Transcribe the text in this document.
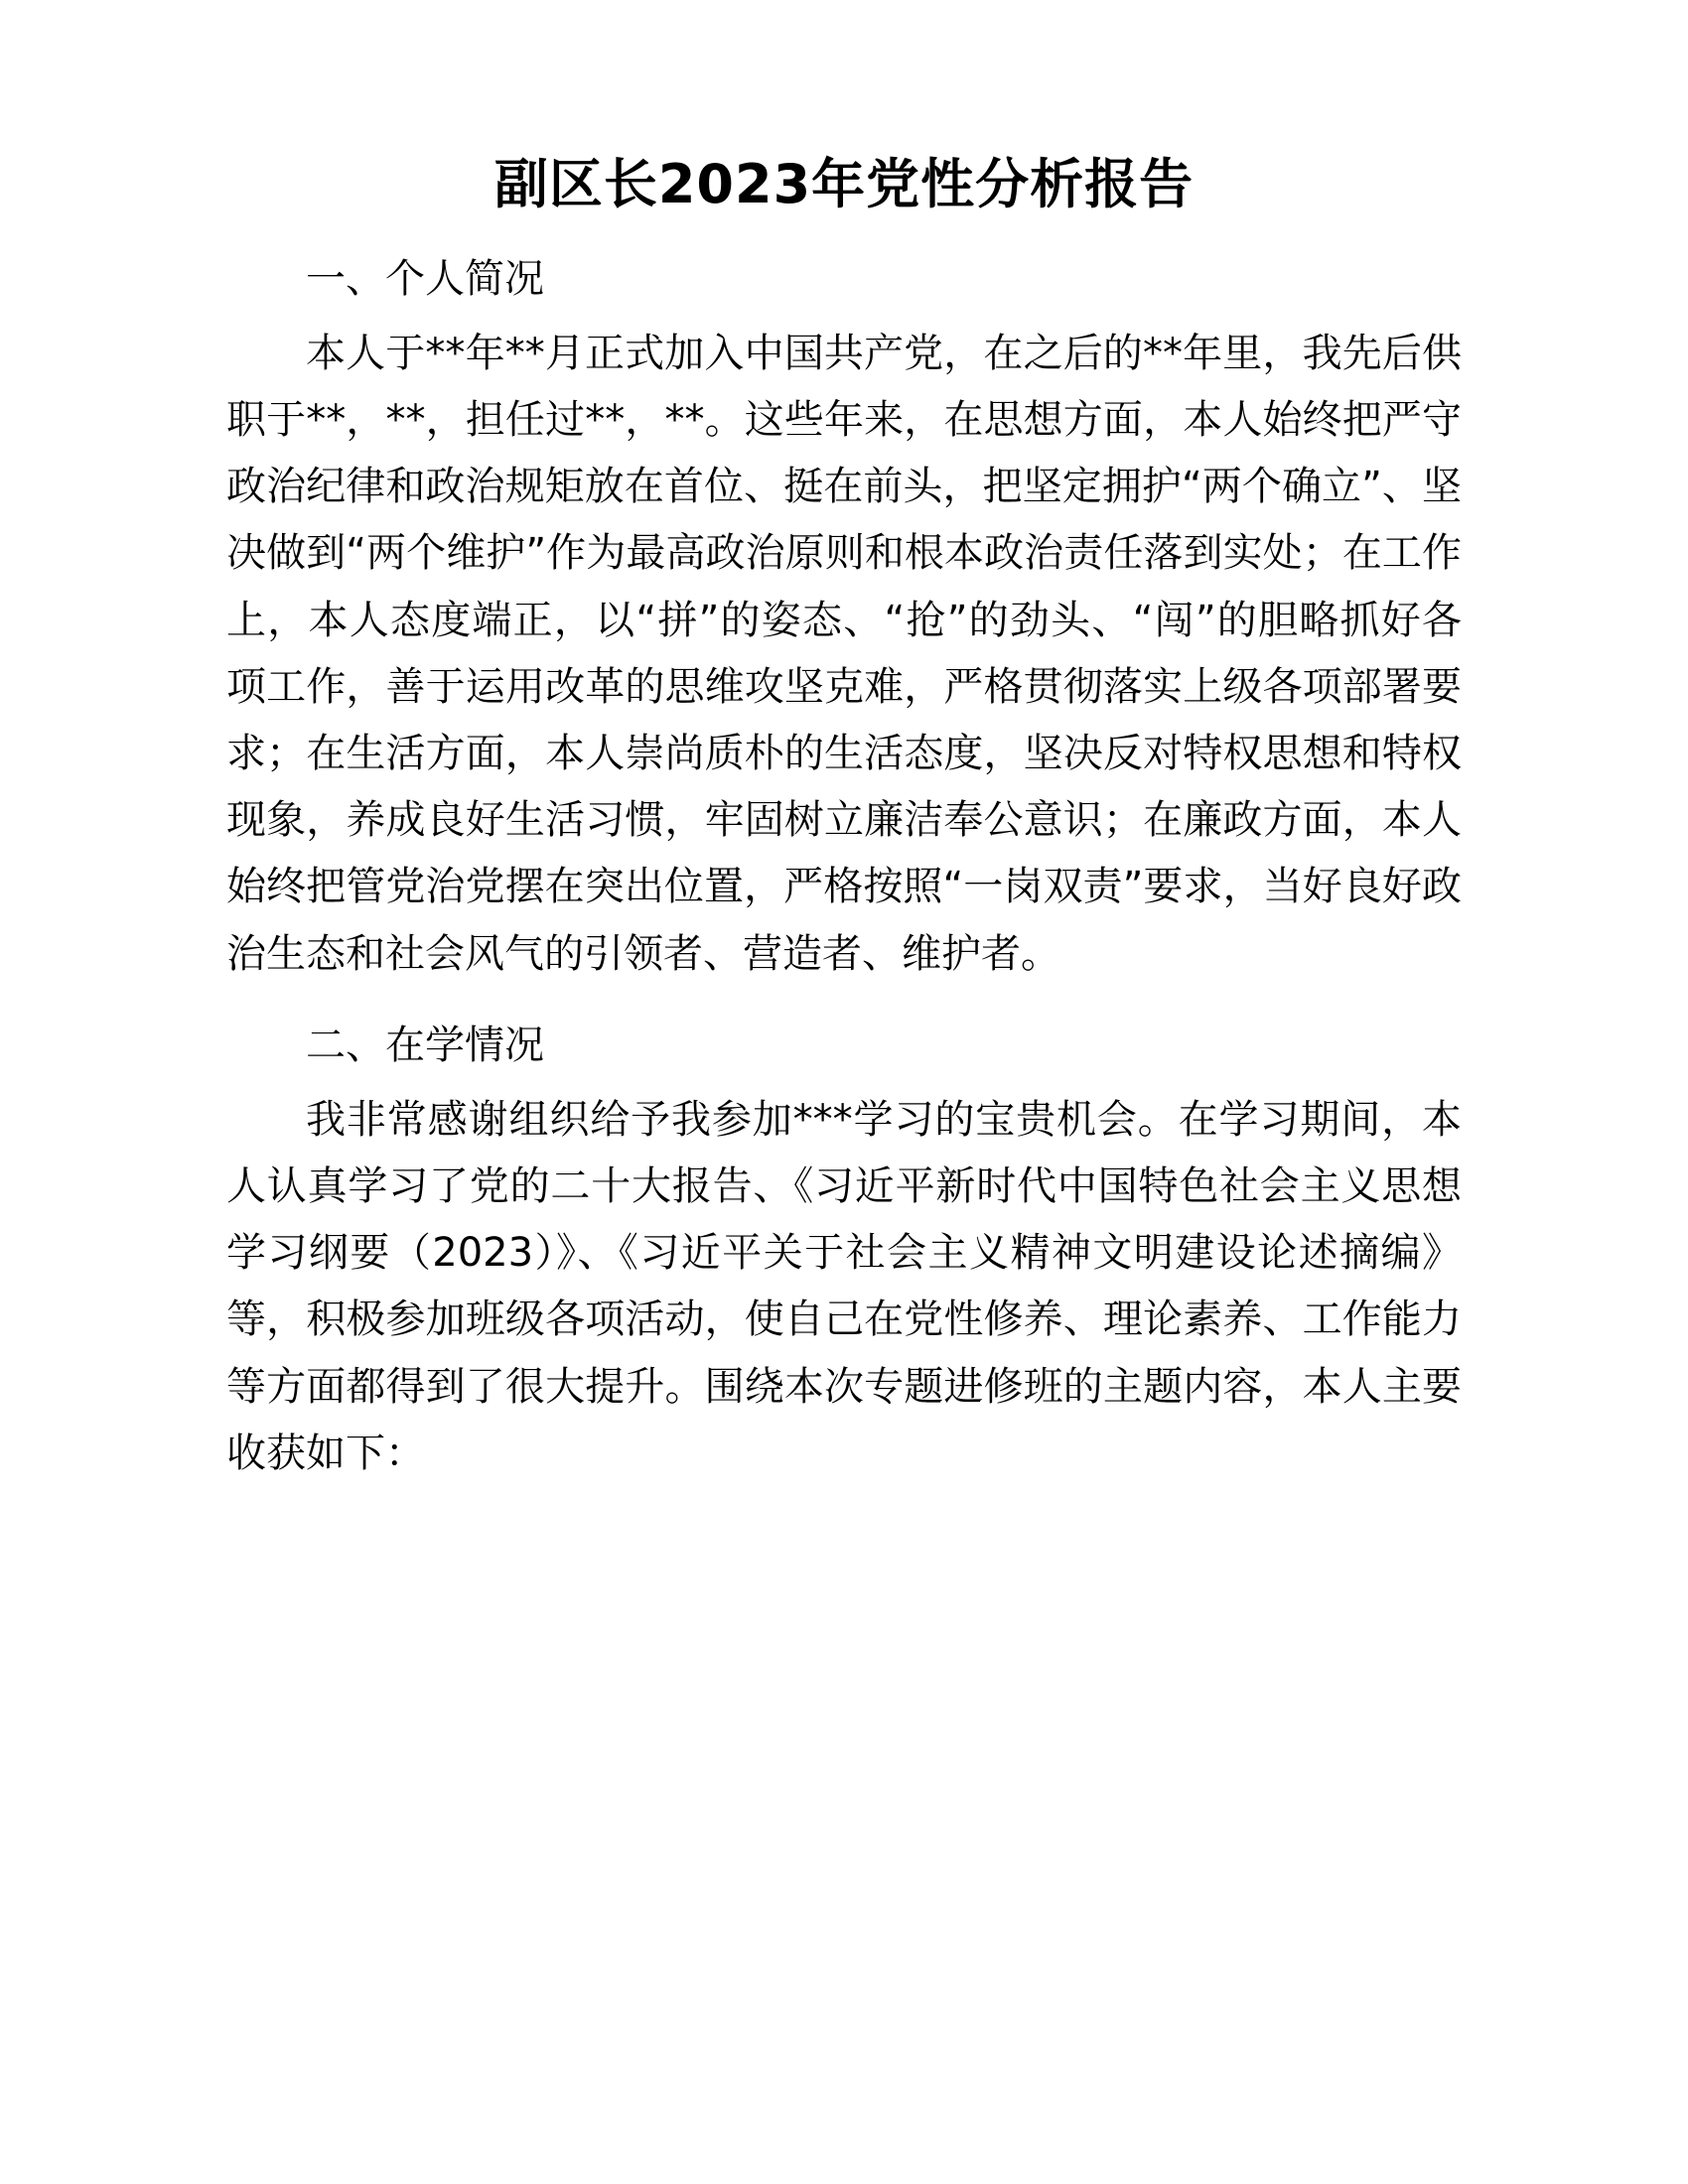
副区长2023年党性分析报告
一、个人简况

本人于**年**月正式加入中国共产党，在之后的**年里，我先后供职于**，**，担任过**，**。这些年来，在思想方面，本人始终把严守政治纪律和政治规矩放在首位、挺在前头，把坚定拥护“两个确立”、坚决做到“两个维护”作为最高政治原则和根本政治责任落到实处；在工作上，本人态度端正，以“拼”的姿态、“抢”的劲头、“闯”的胆略抓好各项工作，善于运用改革的思维攻坚克难，严格贯彻落实上级各项部署要求；在生活方面，本人崇尚质朴的生活态度，坚决反对特权思想和特权现象，养成良好生活习惯，牢固树立廉洁奉公意识；在廉政方面，本人始终把管党治党摆在突出位置，严格按照“一岗双责”要求，当好良好政治生态和社会风气的引领者、营造者、维护者。

二、在学情况

我非常感谢组织给予我参加***学习的宝贵机会。在学习期间，本人认真学习了党的二十大报告、《习近平新时代中国特色社会主义思想学习纲要（2023）》、《习近平关于社会主义精神文明建设论述摘编》等，积极参加班级各项活动，使自己在党性修养、理论素养、工作能力等方面都得到了很大提升。围绕本次专题进修班的主题内容，本人主要收获如下：
